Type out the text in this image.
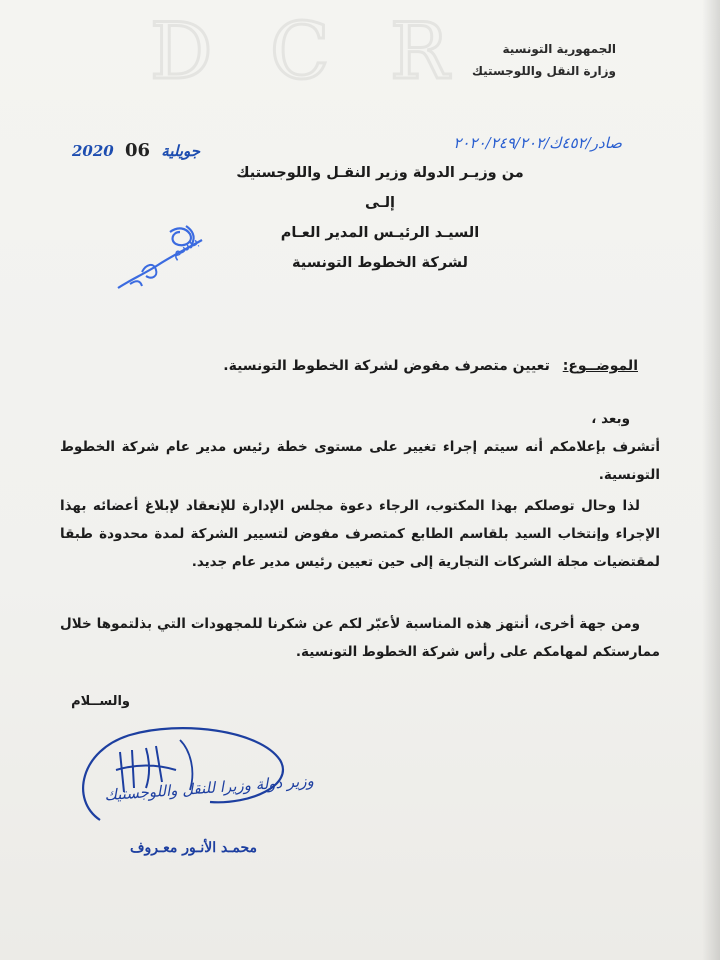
D C R	الجمهورية التونسية
وزارة النقل واللوجستيك
2020	جويلية 06	صادر/٤٥٢ك/٢٠٢٠/٢٤٩/٢٠٢
من وزيـر الدولة وزير النقـل واللوجستيك
إلـى
السيـد الرئيـس المدير العـام
لشركة الخطوط التونسية
بسم
الموضــوع: تعيين متصرف مفوض لشركة الخطوط التونسية.
وبعد ،
أتشرف بإعلامكم أنه سيتم إجراء تغيير على مستوى خطة رئيس مدير عام شركة الخطوط التونسية.
لذا وحال توصلكم بهذا المكتوب، الرجاء دعوة مجلس الإدارة للإنعقاد لإبلاغ أعضائه بهذا الإجراء وإنتخاب السيد بلقاسم الطابع كمتصرف مفوض لتسيير الشركة لمدة محدودة طبقا لمقتضيات مجلة الشركات التجارية إلى حين تعيين رئيس مدير عام جديد.
ومن جهة أخرى، أنتهز هذه المناسبة لأعبّر لكم عن شكرنا للمجهودات التي بذلتموها خلال ممارستكم لمهامكم على رأس شركة الخطوط التونسية.
والســلام
وزير دولة وزيرا للنقل واللوجستيك
محمـد الأنـور معـروف
